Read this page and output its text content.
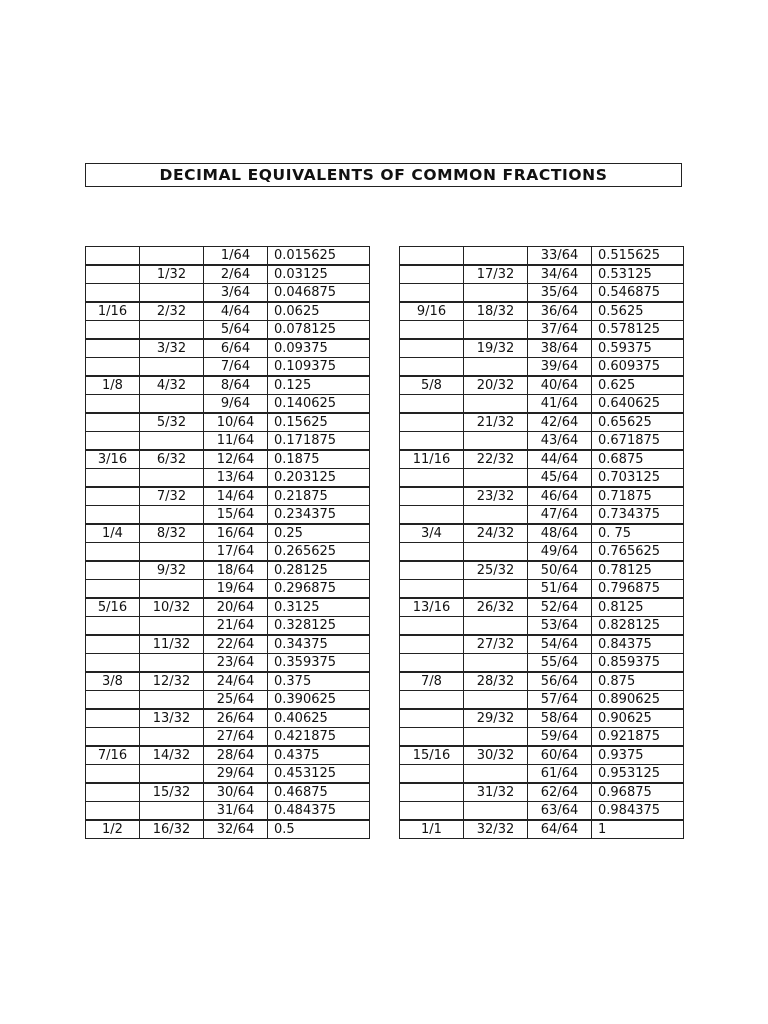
DECIMAL EQUIVALENTS OF COMMON FRACTIONS
		1/64	0.015625
	1/32	2/64	0.03125
		3/64	0.046875
1/16	2/32	4/64	0.0625
		5/64	0.078125
	3/32	6/64	0.09375
		7/64	0.109375
1/8	4/32	8/64	0.125
		9/64	0.140625
	5/32	10/64	0.15625
		11/64	0.171875
3/16	6/32	12/64	0.1875
		13/64	0.203125
	7/32	14/64	0.21875
		15/64	0.234375
1/4	8/32	16/64	0.25
		17/64	0.265625
	9/32	18/64	0.28125
		19/64	0.296875
5/16	10/32	20/64	0.3125
		21/64	0.328125
	11/32	22/64	0.34375
		23/64	0.359375
3/8	12/32	24/64	0.375
		25/64	0.390625
	13/32	26/64	0.40625
		27/64	0.421875
7/16	14/32	28/64	0.4375
		29/64	0.453125
	15/32	30/64	0.46875
		31/64	0.484375
1/2	16/32	32/64	0.5
		33/64	0.515625
	17/32	34/64	0.53125
		35/64	0.546875
9/16	18/32	36/64	0.5625
		37/64	0.578125
	19/32	38/64	0.59375
		39/64	0.609375
5/8	20/32	40/64	0.625
		41/64	0.640625
	21/32	42/64	0.65625
		43/64	0.671875
11/16	22/32	44/64	0.6875
		45/64	0.703125
	23/32	46/64	0.71875
		47/64	0.734375
3/4	24/32	48/64	0. 75
		49/64	0.765625
	25/32	50/64	0.78125
		51/64	0.796875
13/16	26/32	52/64	0.8125
		53/64	0.828125
	27/32	54/64	0.84375
		55/64	0.859375
7/8	28/32	56/64	0.875
		57/64	0.890625
	29/32	58/64	0.90625
		59/64	0.921875
15/16	30/32	60/64	0.9375
		61/64	0.953125
	31/32	62/64	0.96875
		63/64	0.984375
1/1	32/32	64/64	1
